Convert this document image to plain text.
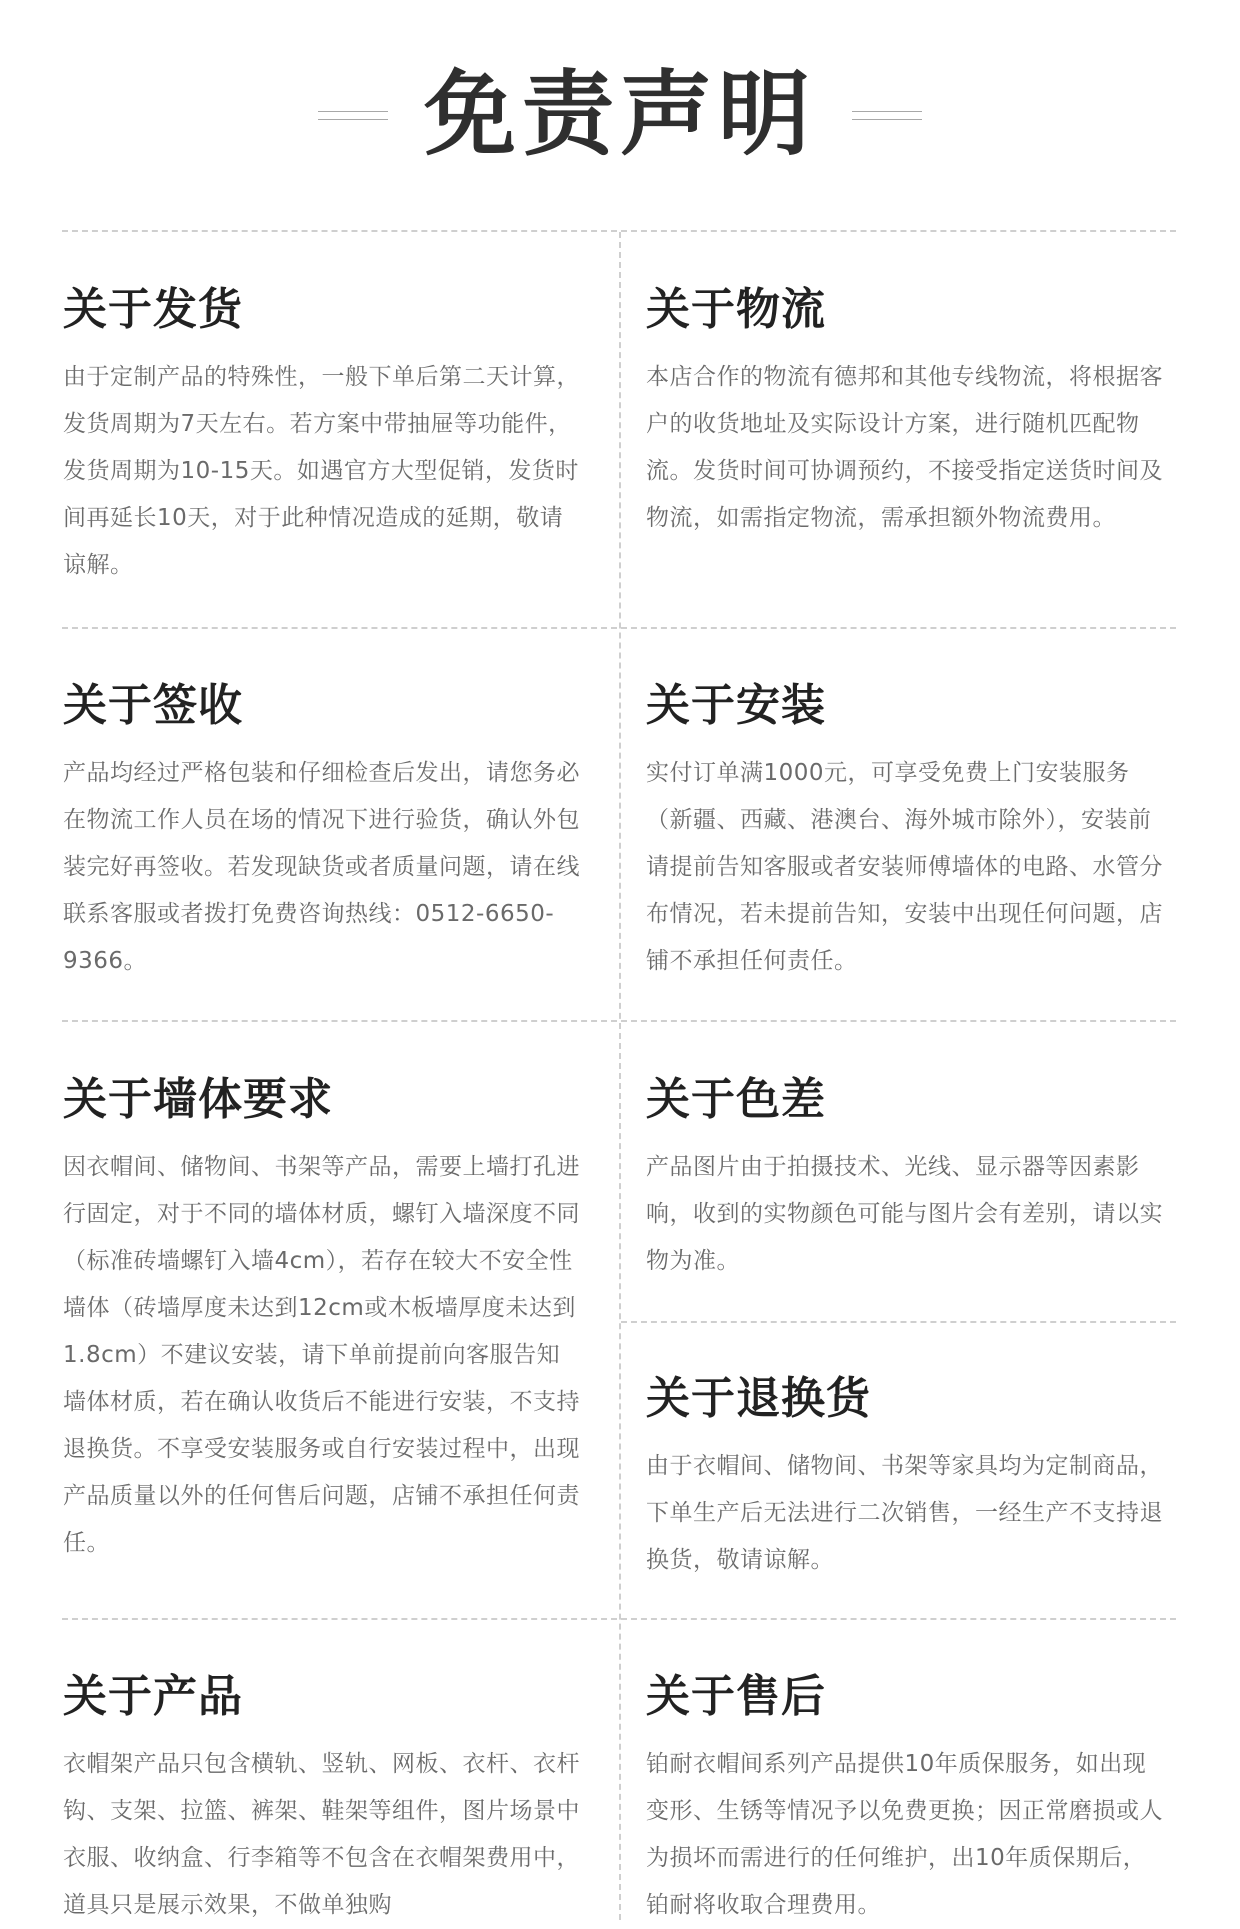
免责声明
关于发货

由于定制产品的特殊性，一般下单后第二天计算，发货周期为7天左右。若方案中带抽屉等功能件，发货周期为10-15天。如遇官方大型促销，发货时间再延长10天，对于此种情况造成的延期，敬请谅解。

关于物流

本店合作的物流有德邦和其他专线物流，将根据客户的收货地址及实际设计方案，进行随机匹配物流。发货时间可协调预约，不接受指定送货时间及物流，如需指定物流，需承担额外物流费用。

关于签收

产品均经过严格包装和仔细检查后发出，请您务必在物流工作人员在场的情况下进行验货，确认外包装完好再签收。若发现缺货或者质量问题，请在线联系客服或者拨打免费咨询热线：0512-6650-9366。

关于安装

实付订单满1000元，可享受免费上门安装服务（新疆、西藏、港澳台、海外城市除外），安装前请提前告知客服或者安装师傅墙体的电路、水管分布情况，若未提前告知，安装中出现任何问题，店铺不承担任何责任。

关于墙体要求

因衣帽间、储物间、书架等产品，需要上墙打孔进行固定，对于不同的墙体材质，螺钉入墙深度不同（标准砖墙螺钉入墙4cm），若存在较大不安全性墙体（砖墙厚度未达到12cm或木板墙厚度未达到1.8cm）不建议安装，请下单前提前向客服告知墙体材质，若在确认收货后不能进行安装，不支持退换货。不享受安装服务或自行安装过程中，出现产品质量以外的任何售后问题，店铺不承担任何责任。

关于色差

产品图片由于拍摄技术、光线、显示器等因素影响，收到的实物颜色可能与图片会有差别，请以实物为准。

关于退换货

由于衣帽间、储物间、书架等家具均为定制商品，下单生产后无法进行二次销售，一经生产不支持退换货，敬请谅解。

关于产品

衣帽架产品只包含横轨、竖轨、网板、衣杆、衣杆钩、支架、拉篮、裤架、鞋架等组件，图片场景中衣服、收纳盒、行李箱等不包含在衣帽架费用中，道具只是展示效果，不做单独购

关于售后

铂耐衣帽间系列产品提供10年质保服务，如出现变形、生锈等情况予以免费更换；因正常磨损或人为损坏而需进行的任何维护，出10年质保期后，铂耐将收取合理费用。
